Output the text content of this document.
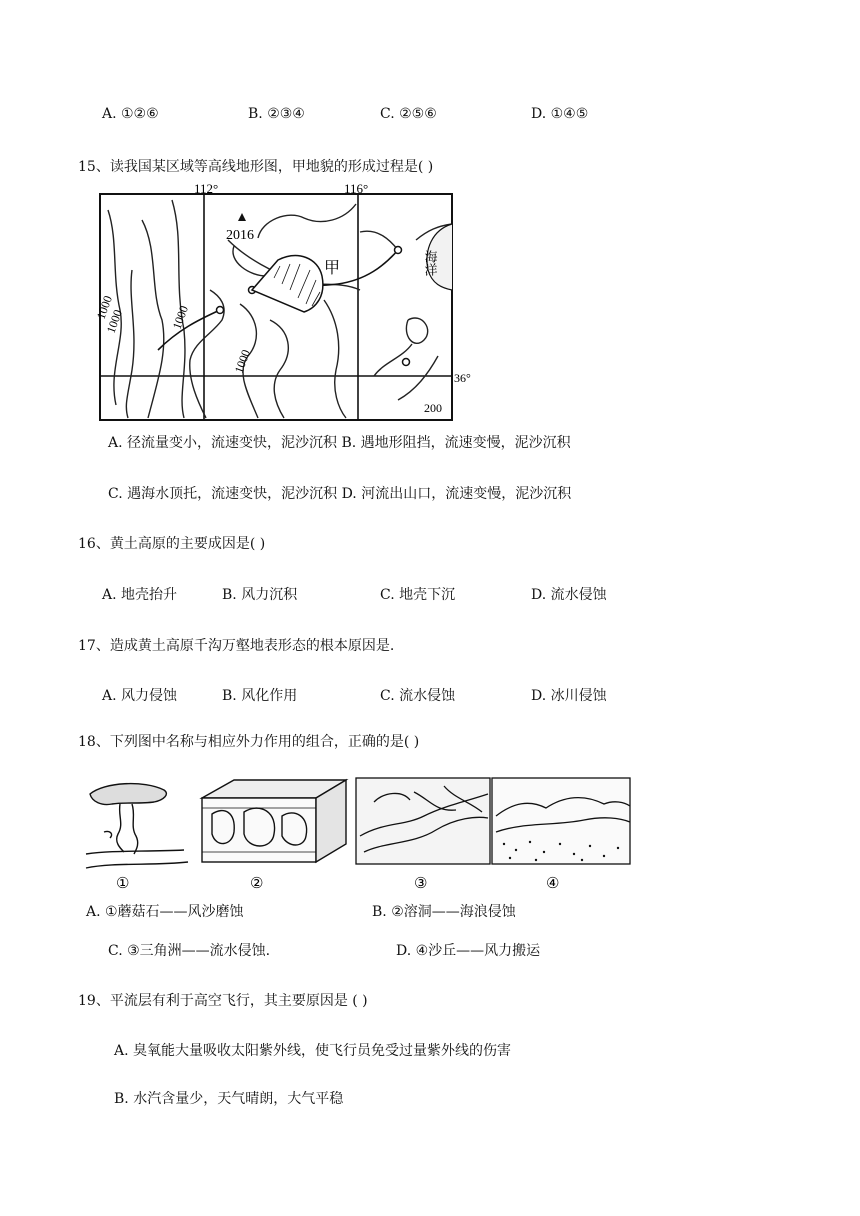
A. ①②⑥	B. ②③④	C. ②⑤⑥	D. ①④⑤
15、读我国某区域等高线地形图，甲地貌的形成过程是( )
112°	116°
36°
2016
甲	海洋
1000
1000	1000
1000
200
A. 径流量变小，流速变快，泥沙沉积 B. 遇地形阻挡，流速变慢，泥沙沉积
C. 遇海水顶托，流速变快，泥沙沉积 D. 河流出山口，流速变慢，泥沙沉积
16、黄土高原的主要成因是( )
A. 地壳抬升	B. 风力沉积	C. 地壳下沉	D. 流水侵蚀
17、造成黄土高原千沟万壑地表形态的根本原因是.
A. 风力侵蚀	B. 风化作用	C. 流水侵蚀	D. 冰川侵蚀
18、下列图中名称与相应外力作用的组合，正确的是( )
①	②	③	④
A. ①蘑菇石——风沙磨蚀	B. ②溶洞——海浪侵蚀
C. ③三角洲——流水侵蚀.	D. ④沙丘——风力搬运
19、平流层有利于高空飞行，其主要原因是 ( )
A. 臭氧能大量吸收太阳紫外线，使飞行员免受过量紫外线的伤害
B. 水汽含量少，天气晴朗，大气平稳
